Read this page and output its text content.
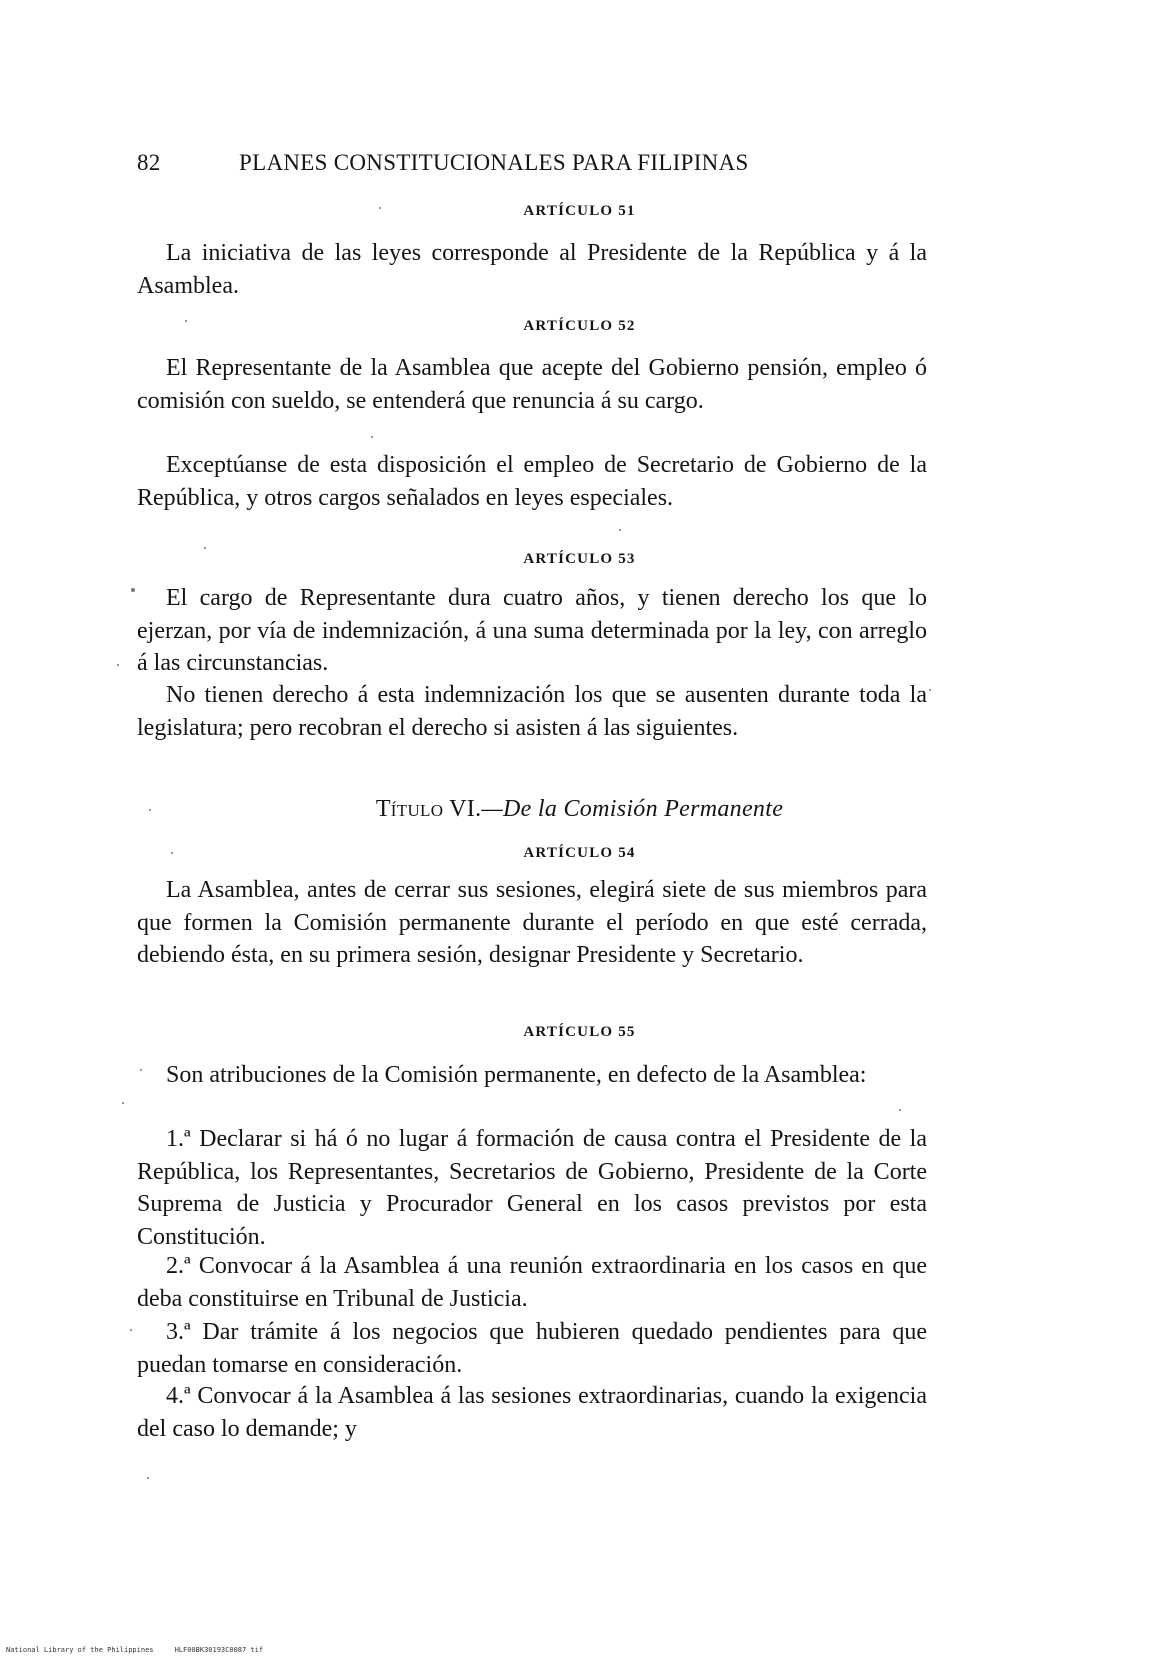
82	PLANES CONSTITUCIONALES PARA FILIPINAS
ARTÍCULO 51

La iniciativa de las leyes corresponde al Presidente de la República y á la Asamblea.

ARTÍCULO 52

El Representante de la Asamblea que acepte del Gobierno pensión, empleo ó comisión con sueldo, se entenderá que renuncia á su cargo.

Exceptúanse de esta disposición el empleo de Secretario de Gobierno de la República, y otros cargos señalados en leyes especiales.

ARTÍCULO 53

El cargo de Representante dura cuatro años, y tienen derecho los que lo ejerzan, por vía de indemnización, á una suma determinada por la ley, con arreglo á las circunstancias.

No tienen derecho á esta indemnización los que se ausenten durante toda la legislatura; pero recobran el derecho si asisten á las siguientes.

Título VI.—De la Comisión Permanente
ARTÍCULO 54

La Asamblea, antes de cerrar sus sesiones, elegirá siete de sus miembros para que formen la Comisión permanente durante el período en que esté cerrada, debiendo ésta, en su primera sesión, designar Presidente y Secretario.

ARTÍCULO 55

Son atribuciones de la Comisión permanente, en defecto de la Asamblea:

1.ª Declarar si há ó no lugar á formación de causa contra el Presidente de la República, los Representantes, Secretarios de Gobierno, Presidente de la Corte Suprema de Justicia y Procurador General en los casos previstos por esta Constitución.

2.ª Convocar á la Asamblea á una reunión extraordinaria en los casos en que deba constituirse en Tribunal de Justicia.

3.ª Dar trámite á los negocios que hubieren quedado pendientes para que puedan tomarse en consideración.

4.ª Convocar á la Asamblea á las sesiones extraordinarias, cuando la exigencia del caso lo demande; y

National Library of the Philippines     HLF00BK30193C0087 tif
